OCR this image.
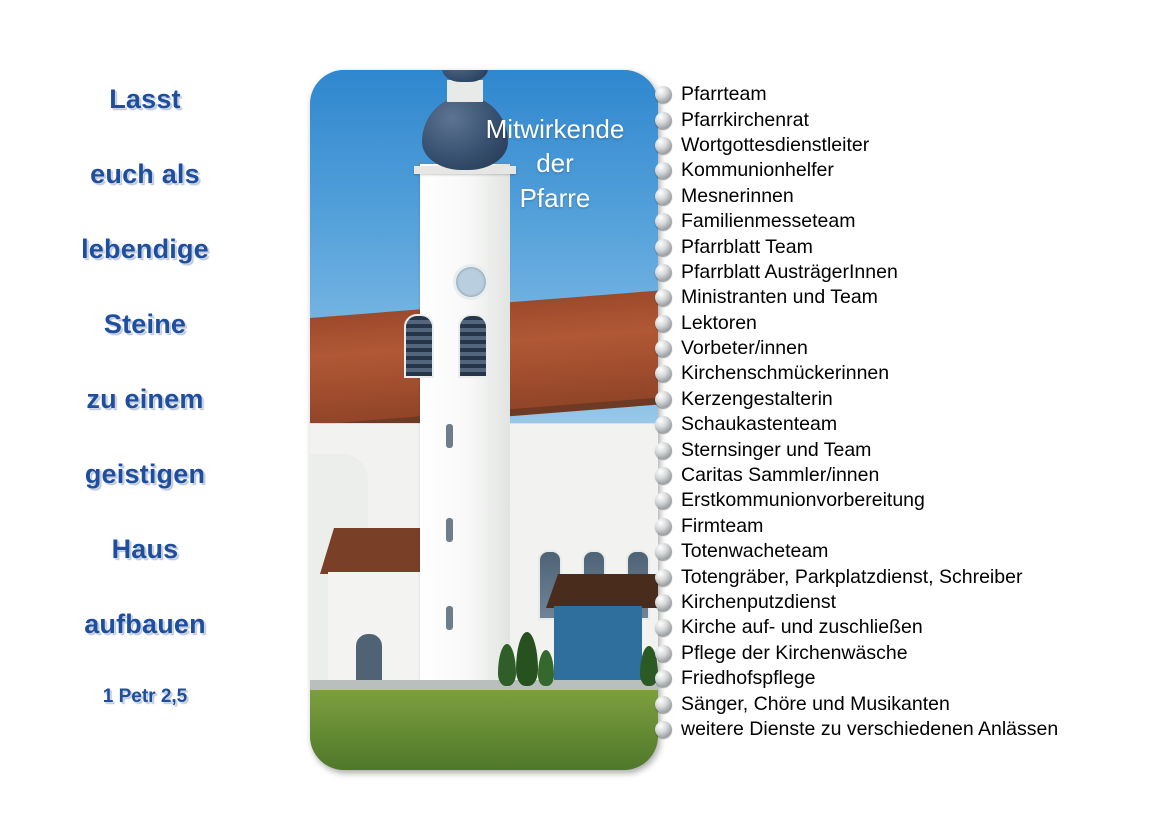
Lasst
euch als
lebendige
Steine
zu einem
geistigen
Haus
aufbauen
1 Petr 2,5
Mitwirkende
der
Pfarre
Pfarrteam
Pfarrkirchenrat
Wortgottesdienstleiter
Kommunionhelfer
Mesnerinnen
Familienmesseteam
Pfarrblatt Team
Pfarrblatt AusträgerInnen
Ministranten und Team
Lektoren
Vorbeter/innen
Kirchenschmückerinnen
Kerzengestalterin
Schaukastenteam
Sternsinger und Team
Caritas Sammler/innen
Erstkommunionvorbereitung
Firmteam
Totenwacheteam
Totengräber, Parkplatzdienst, Schreiber
Kirchenputzdienst
Kirche auf- und zuschließen
Pflege der Kirchenwäsche
Friedhofspflege
Sänger, Chöre und Musikanten
weitere Dienste zu verschiedenen Anlässen
